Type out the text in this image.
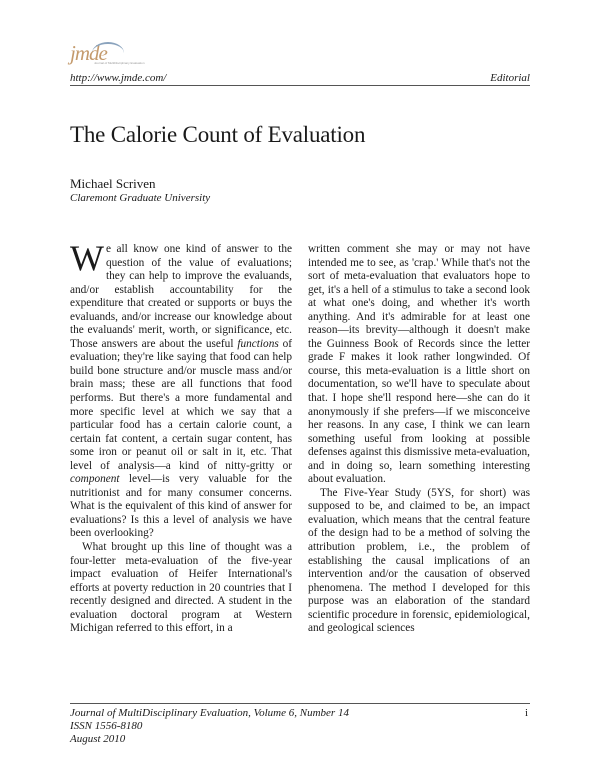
jmde
Journal of MultiDisciplinary Evaluation
http://www.jmde.com/	Editorial
The Calorie Count of Evaluation
Michael Scriven
Claremont Graduate University

We all know one kind of answer to the question of the value of evaluations; they can help to improve the evaluands, and/or establish accountability for the expenditure that created or supports or buys the evaluands, and/or increase our knowledge about the evaluands' merit, worth, or significance, etc. Those answers are about the useful functions of evaluation; they're like saying that food can help build bone structure and/or muscle mass and/or brain mass; these are all functions that food performs. But there's a more fundamental and more specific level at which we say that a particular food has a certain calorie count, a certain fat content, a certain sugar content, has some iron or peanut oil or salt in it, etc. That level of analysis—a kind of nitty-gritty or component level—is very valuable for the nutritionist and for many consumer concerns. What is the equivalent of this kind of answer for evaluations? Is this a level of analysis we have been overlooking?

What brought up this line of thought was a four-letter meta-evaluation of the five-year impact evaluation of Heifer International's efforts at poverty reduction in 20 countries that I recently designed and directed. A student in the evaluation doctoral program at Western Michigan referred to this effort, in a

written comment she may or may not have intended me to see, as 'crap.' While that's not the sort of meta-evaluation that evaluators hope to get, it's a hell of a stimulus to take a second look at what one's doing, and whether it's worth anything. And it's admirable for at least one reason—its brevity—although it doesn't make the Guinness Book of Records since the letter grade F makes it look rather longwinded. Of course, this meta-evaluation is a little short on documentation, so we'll have to speculate about that. I hope she'll respond here—she can do it anonymously if she prefers—if we misconceive her reasons. In any case, I think we can learn something useful from looking at possible defenses against this dismissive meta-evaluation, and in doing so, learn something interesting about evaluation.

The Five-Year Study (5YS, for short) was supposed to be, and claimed to be, an impact evaluation, which means that the central feature of the design had to be a method of solving the attribution problem, i.e., the problem of establishing the causal implications of an intervention and/or the causation of observed phenomena. The method I developed for this purpose was an elaboration of the standard scientific procedure in forensic, epidemiological, and geological sciences

Journal of MultiDisciplinary Evaluation, Volume 6, Number 14
ISSN 1556-8180
August 2010
i
